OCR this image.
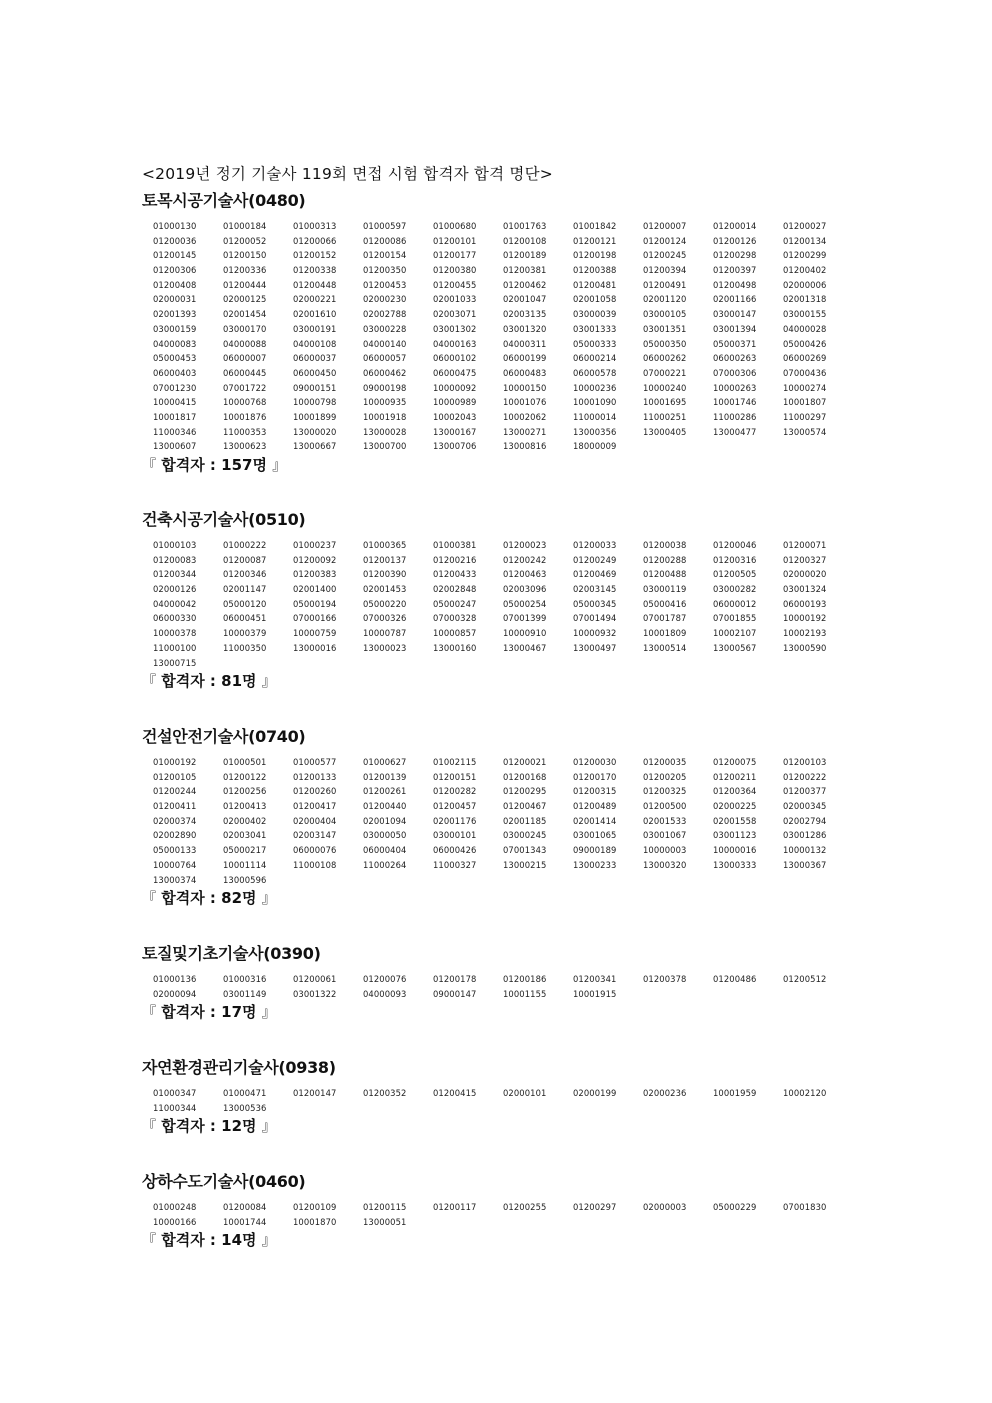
<2019년 정기 기술사 119회 면접 시험 합격자 합격 명단>
토목시공기술사(0480)
01000130	01000184	01000313	01000597	01000680	01001763	01001842	01200007	01200014	01200027
01200036	01200052	01200066	01200086	01200101	01200108	01200121	01200124	01200126	01200134
01200145	01200150	01200152	01200154	01200177	01200189	01200198	01200245	01200298	01200299
01200306	01200336	01200338	01200350	01200380	01200381	01200388	01200394	01200397	01200402
01200408	01200444	01200448	01200453	01200455	01200462	01200481	01200491	01200498	02000006
02000031	02000125	02000221	02000230	02001033	02001047	02001058	02001120	02001166	02001318
02001393	02001454	02001610	02002788	02003071	02003135	03000039	03000105	03000147	03000155
03000159	03000170	03000191	03000228	03001302	03001320	03001333	03001351	03001394	04000028
04000083	04000088	04000108	04000140	04000163	04000311	05000333	05000350	05000371	05000426
05000453	06000007	06000037	06000057	06000102	06000199	06000214	06000262	06000263	06000269
06000403	06000445	06000450	06000462	06000475	06000483	06000578	07000221	07000306	07000436
07001230	07001722	09000151	09000198	10000092	10000150	10000236	10000240	10000263	10000274
10000415	10000768	10000798	10000935	10000989	10001076	10001090	10001695	10001746	10001807
10001817	10001876	10001899	10001918	10002043	10002062	11000014	11000251	11000286	11000297
11000346	11000353	13000020	13000028	13000167	13000271	13000356	13000405	13000477	13000574
13000607	13000623	13000667	13000700	13000706	13000816	18000009
『 합격자 : 157명 』
건축시공기술사(0510)
01000103	01000222	01000237	01000365	01000381	01200023	01200033	01200038	01200046	01200071
01200083	01200087	01200092	01200137	01200216	01200242	01200249	01200288	01200316	01200327
01200344	01200346	01200383	01200390	01200433	01200463	01200469	01200488	01200505	02000020
02000126	02001147	02001400	02001453	02002848	02003096	02003145	03000119	03000282	03001324
04000042	05000120	05000194	05000220	05000247	05000254	05000345	05000416	06000012	06000193
06000330	06000451	07000166	07000326	07000328	07001399	07001494	07001787	07001855	10000192
10000378	10000379	10000759	10000787	10000857	10000910	10000932	10001809	10002107	10002193
11000100	11000350	13000016	13000023	13000160	13000467	13000497	13000514	13000567	13000590
13000715
『 합격자 : 81명 』
건설안전기술사(0740)
01000192	01000501	01000577	01000627	01002115	01200021	01200030	01200035	01200075	01200103
01200105	01200122	01200133	01200139	01200151	01200168	01200170	01200205	01200211	01200222
01200244	01200256	01200260	01200261	01200282	01200295	01200315	01200325	01200364	01200377
01200411	01200413	01200417	01200440	01200457	01200467	01200489	01200500	02000225	02000345
02000374	02000402	02000404	02001094	02001176	02001185	02001414	02001533	02001558	02002794
02002890	02003041	02003147	03000050	03000101	03000245	03001065	03001067	03001123	03001286
05000133	05000217	06000076	06000404	06000426	07001343	09000189	10000003	10000016	10000132
10000764	10001114	11000108	11000264	11000327	13000215	13000233	13000320	13000333	13000367
13000374	13000596
『 합격자 : 82명 』
토질및기초기술사(0390)
01000136	01000316	01200061	01200076	01200178	01200186	01200341	01200378	01200486	01200512
02000094	03001149	03001322	04000093	09000147	10001155	10001915
『 합격자 : 17명 』
자연환경관리기술사(0938)
01000347	01000471	01200147	01200352	01200415	02000101	02000199	02000236	10001959	10002120
11000344	13000536
『 합격자 : 12명 』
상하수도기술사(0460)
01000248	01200084	01200109	01200115	01200117	01200255	01200297	02000003	05000229	07001830
10000166	10001744	10001870	13000051
『 합격자 : 14명 』
